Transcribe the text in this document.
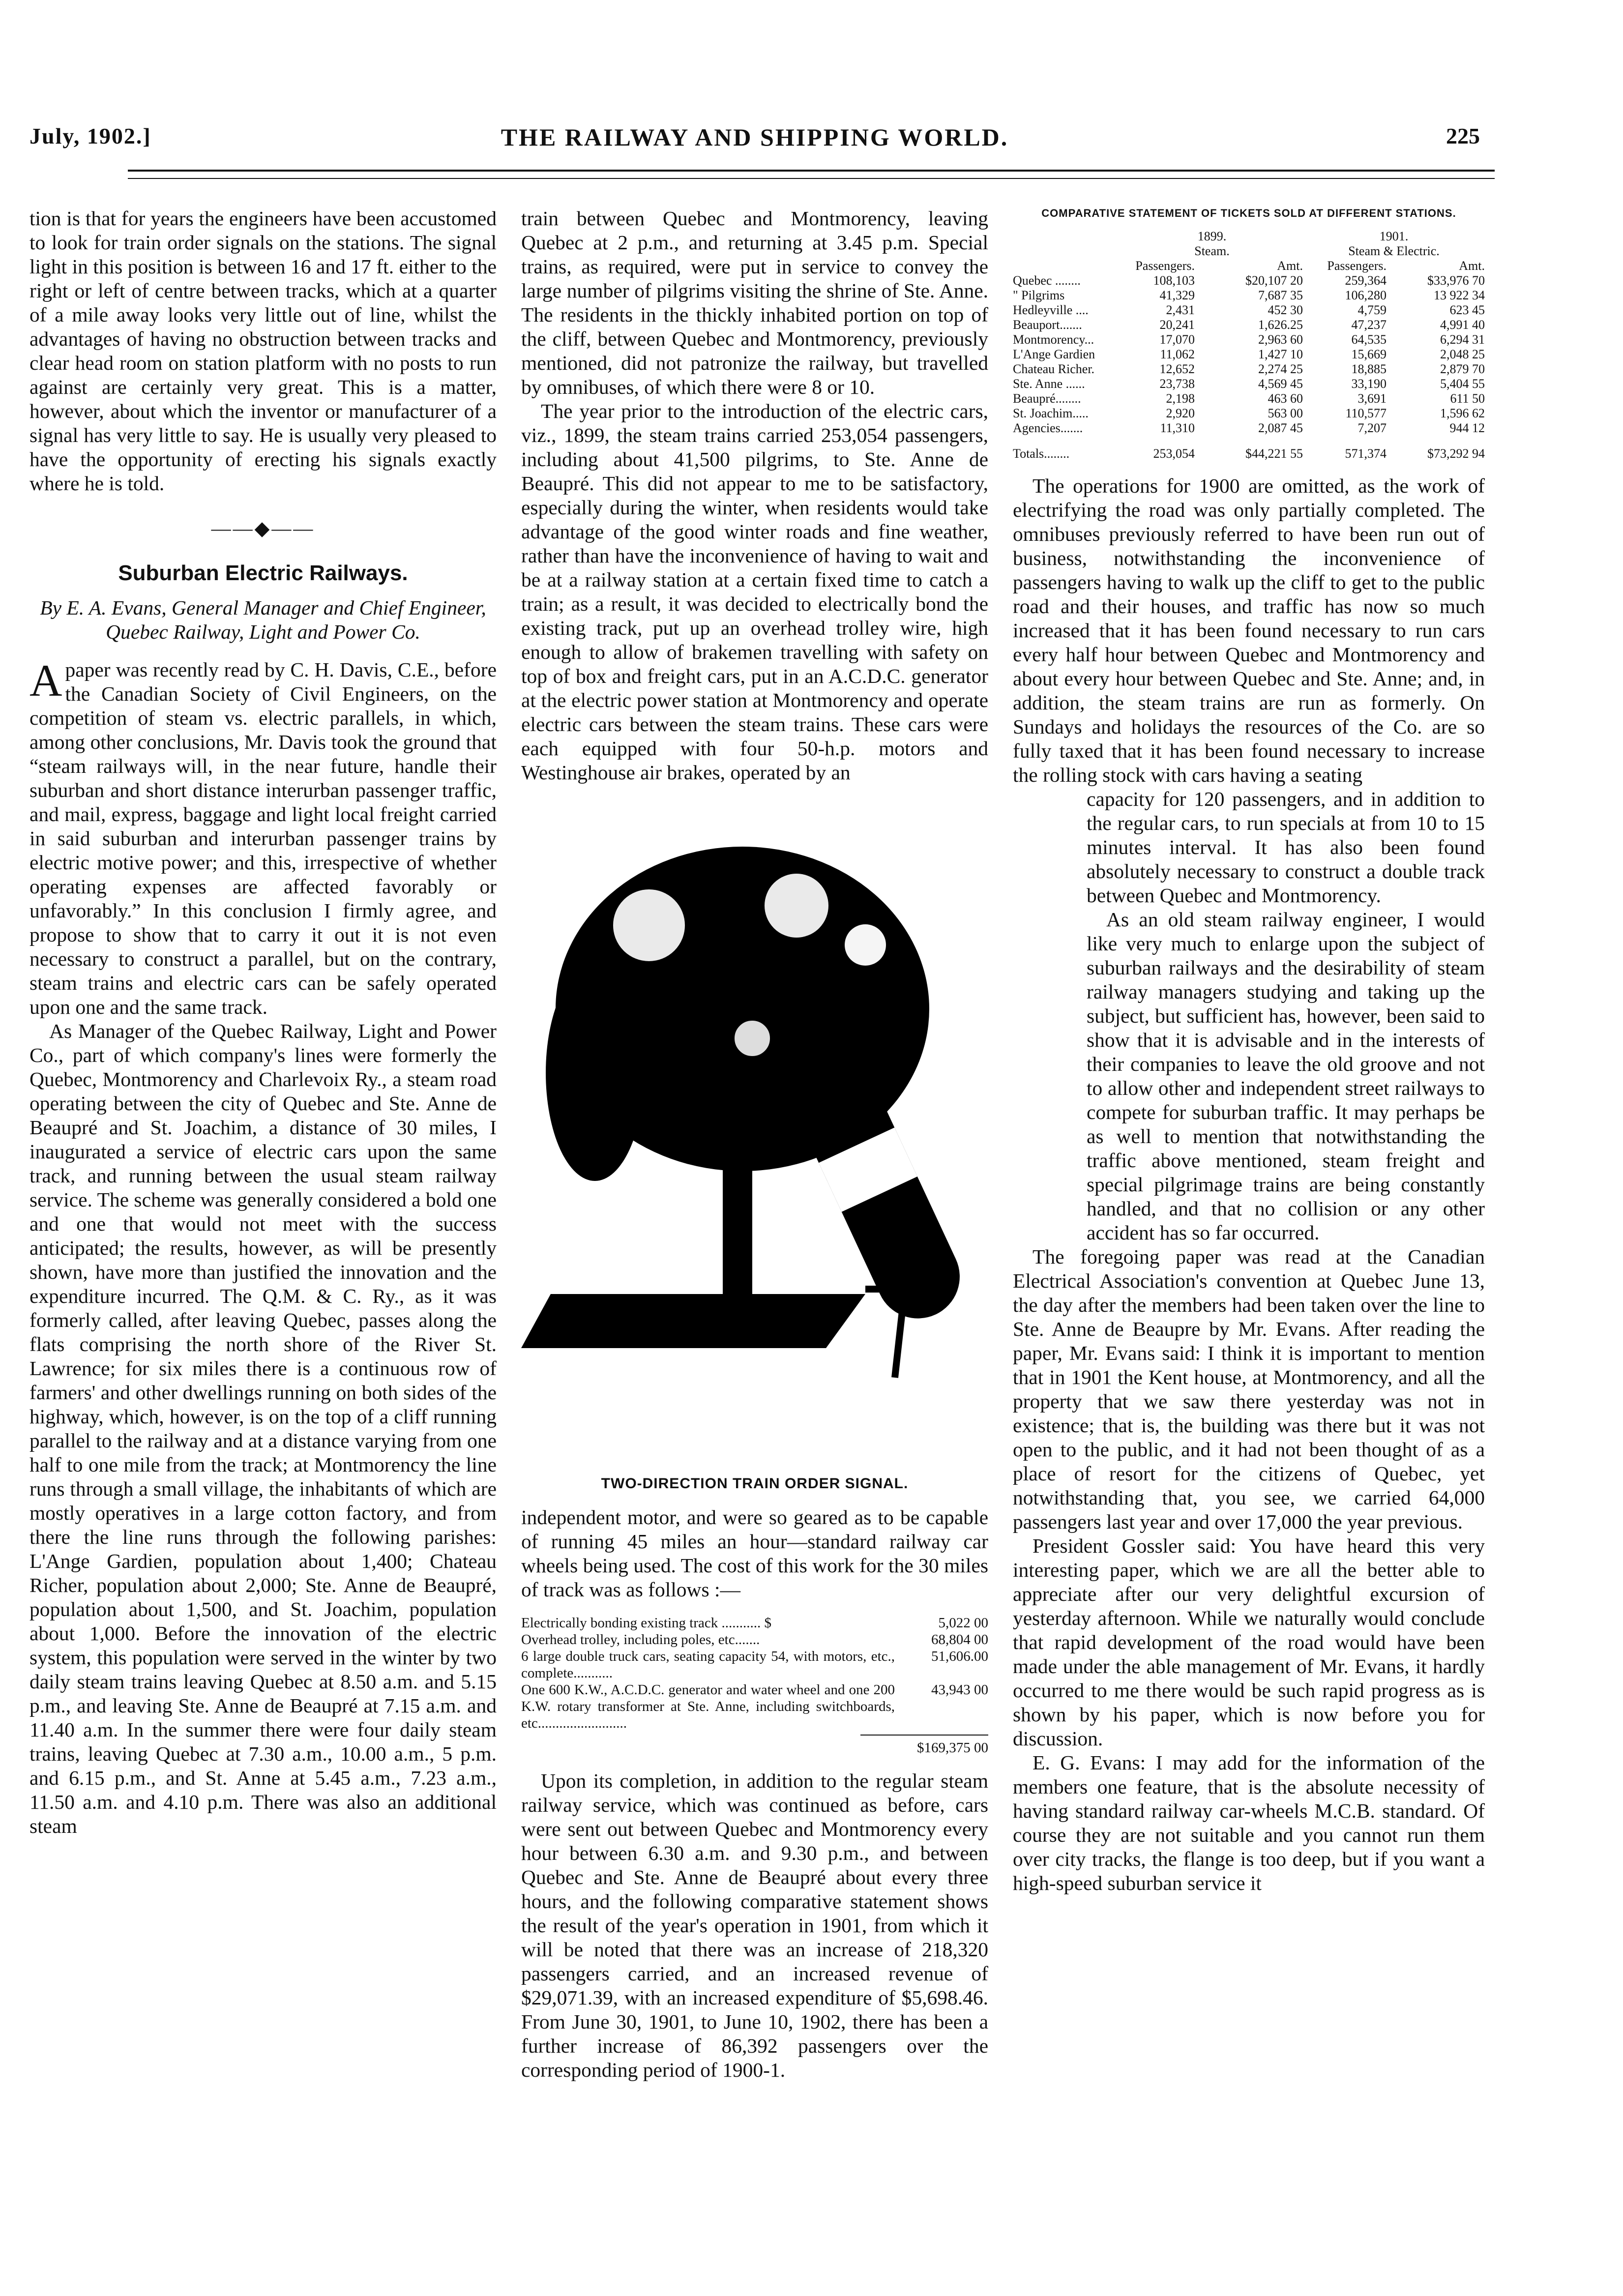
July, 1902.]	THE RAILWAY AND SHIPPING WORLD.	225

tion is that for years the engineers have been accustomed to look for train order signals on the stations. The signal light in this position is between 16 and 17 ft. either to the right or left of centre between tracks, which at a quarter of a mile away looks very little out of line, whilst the advantages of having no obstruction between tracks and clear head room on station platform with no posts to run against are certainly very great. This is a matter, however, about which the inventor or manufacturer of a signal has very little to say. He is usually very pleased to have the opportunity of erecting his signals exactly where he is told.

——◆——
Suburban Electric Railways.
By E. A. Evans, General Manager and Chief Engineer, Quebec Railway, Light and Power Co.

A paper was recently read by C. H. Davis, C.E., before the Canadian Society of Civil Engineers, on the competition of steam vs. electric parallels, in which, among other conclusions, Mr. Davis took the ground that “steam railways will, in the near future, handle their suburban and short distance interurban passenger traffic, and mail, express, baggage and light local freight carried in said suburban and interurban passenger trains by electric motive power; and this, irrespective of whether operating expenses are affected favorably or unfavorably.” In this conclusion I firmly agree, and propose to show that to carry it out it is not even necessary to construct a parallel, but on the contrary, steam trains and electric cars can be safely operated upon one and the same track.

As Manager of the Quebec Railway, Light and Power Co., part of which company's lines were formerly the Quebec, Montmorency and Charlevoix Ry., a steam road operating between the city of Quebec and Ste. Anne de Beaupré and St. Joachim, a distance of 30 miles, I inaugurated a service of electric cars upon the same track, and running between the usual steam railway service. The scheme was generally considered a bold one and one that would not meet with the success anticipated; the results, however, as will be presently shown, have more than justified the innovation and the expenditure incurred. The Q.M. & C. Ry., as it was formerly called, after leaving Quebec, passes along the flats comprising the north shore of the River St. Lawrence; for six miles there is a continuous row of farmers' and other dwellings running on both sides of the highway, which, however, is on the top of a cliff running parallel to the railway and at a distance varying from one half to one mile from the track; at Montmorency the line runs through a small village, the inhabitants of which are mostly operatives in a large cotton factory, and from there the line runs through the following parishes: L'Ange Gardien, population about 1,400; Chateau Richer, population about 2,000; Ste. Anne de Beaupré, population about 1,500, and St. Joachim, population about 1,000. Before the innovation of the electric system, this population were served in the winter by two daily steam trains leaving Quebec at 8.50 a.m. and 5.15 p.m., and leaving Ste. Anne de Beaupré at 7.15 a.m. and 11.40 a.m. In the summer there were four daily steam trains, leaving Quebec at 7.30 a.m., 10.00 a.m., 5 p.m. and 6.15 p.m., and St. Anne at 5.45 a.m., 7.23 a.m., 11.50 a.m. and 4.10 p.m. There was also an additional steam

train between Quebec and Montmorency, leaving Quebec at 2 p.m., and returning at 3.45 p.m. Special trains, as required, were put in service to convey the large number of pilgrims visiting the shrine of Ste. Anne. The residents in the thickly inhabited portion on top of the cliff, between Quebec and Montmorency, previously mentioned, did not patronize the railway, but travelled by omnibuses, of which there were 8 or 10.

The year prior to the introduction of the electric cars, viz., 1899, the steam trains carried 253,054 passengers, including about 41,500 pilgrims, to Ste. Anne de Beaupré. This did not appear to me to be satisfactory, especially during the winter, when residents would take advantage of the good winter roads and fine weather, rather than have the inconvenience of having to wait and be at a railway station at a certain fixed time to catch a train; as a result, it was decided to electrically bond the existing track, put up an overhead trolley wire, high enough to allow of brakemen travelling with safety on top of box and freight cars, put in an A.C.D.C. generator at the electric power station at Montmorency and operate electric cars between the steam trains. These cars were each equipped with four 50-h.p. motors and Westinghouse air brakes, operated by an

TWO-DIRECTION TRAIN ORDER SIGNAL.

independent motor, and were so geared as to be capable of running 45 miles an hour—standard railway car wheels being used. The cost of this work for the 30 miles of track was as follows :—

Electrically bonding existing track ........... $	5,022 00
Overhead trolley, including poles, etc.......	68,804 00
6 large double truck cars, seating capacity 54, with motors, etc., complete...........
51,606.00
One 600 K.W., A.C.D.C. generator and water wheel and one 200 K.W. rotary transformer at Ste. Anne, including switchboards, etc.........................
43,943 00
$169,375 00

Upon its completion, in addition to the regular steam railway service, which was continued as before, cars were sent out between Quebec and Montmorency every hour between 6.30 a.m. and 9.30 p.m., and between Quebec and Ste. Anne de Beaupré about every three hours, and the following comparative statement shows the result of the year's operation in 1901, from which it will be noted that there was an increase of 218,320 passengers carried, and an increased revenue of $29,071.39, with an increased expenditure of $5,698.46. From June 30, 1901, to June 10, 1902, there has been a further increase of 86,392 passengers over the corresponding period of 1900-1.

COMPARATIVE STATEMENT OF TICKETS SOLD AT DIFFERENT STATIONS.
1899.	1901.
Steam.	Steam & Electric.
Passengers.	Amt.	Passengers.	Amt.
Quebec ........	108,103	$20,107 20	259,364	$33,976 70
" Pilgrims	41,329	7,687 35	106,280	13 922 34
Hedleyville ....	2,431	452 30	4,759	623 45
Beauport.......	20,241	1,626.25	47,237	4,991 40
Montmorency...	17,070	2,963 60	64,535	6,294 31
L'Ange Gardien	11,062	1,427 10	15,669	2,048 25
Chateau Richer.	12,652	2,274 25	18,885	2,879 70
Ste. Anne ......	23,738	4,569 45	33,190	5,404 55
Beaupré........	2,198	463 60	3,691	611 50
St. Joachim.....	2,920	563 00	110,577	1,596 62
Agencies.......	11,310	2,087 45	7,207	944 12
Totals........	253,054	$44,221 55	571,374	$73,292 94

The operations for 1900 are omitted, as the work of electrifying the road was only partially completed. The omnibuses previously referred to have been run out of business, notwithstanding the inconvenience of passengers having to walk up the cliff to get to the public road and their houses, and traffic has now so much increased that it has been found necessary to run cars every half hour between Quebec and Montmorency and about every hour between Quebec and Ste. Anne; and, in addition, the steam trains are run as formerly. On Sundays and holidays the resources of the Co. are so fully taxed that it has been found necessary to increase the rolling stock with cars having a seating

capacity for 120 passengers, and in addition to the regular cars, to run specials at from 10 to 15 minutes interval. It has also been found absolutely necessary to construct a double track between Quebec and Montmorency.

As an old steam railway engineer, I would like very much to enlarge upon the subject of suburban railways and the desirability of steam railway managers studying and taking up the subject, but sufficient has, however, been said to show that it is advisable and in the interests of their companies to leave the old groove and not to allow other and independent street railways to compete for suburban traffic. It may perhaps be as well to mention that notwithstanding the traffic above mentioned, steam freight and special pilgrimage trains are being constantly handled, and that no collision or any other accident has so far occurred.

The foregoing paper was read at the Canadian Electrical Association's convention at Quebec June 13, the day after the members had been taken over the line to Ste. Anne de Beaupre by Mr. Evans. After reading the paper, Mr. Evans said: I think it is important to mention that in 1901 the Kent house, at Montmorency, and all the property that we saw there yesterday was not in existence; that is, the building was there but it was not open to the public, and it had not been thought of as a place of resort for the citizens of Quebec, yet notwithstanding that, you see, we carried 64,000 passengers last year and over 17,000 the year previous.

President Gossler said: You have heard this very interesting paper, which we are all the better able to appreciate after our very delightful excursion of yesterday afternoon. While we naturally would conclude that rapid development of the road would have been made under the able management of Mr. Evans, it hardly occurred to me there would be such rapid progress as is shown by his paper, which is now before you for discussion.

E. G. Evans: I may add for the information of the members one feature, that is the absolute necessity of having standard railway car-wheels M.C.B. standard. Of course they are not suitable and you cannot run them over city tracks, the flange is too deep, but if you want a high-speed suburban service it
